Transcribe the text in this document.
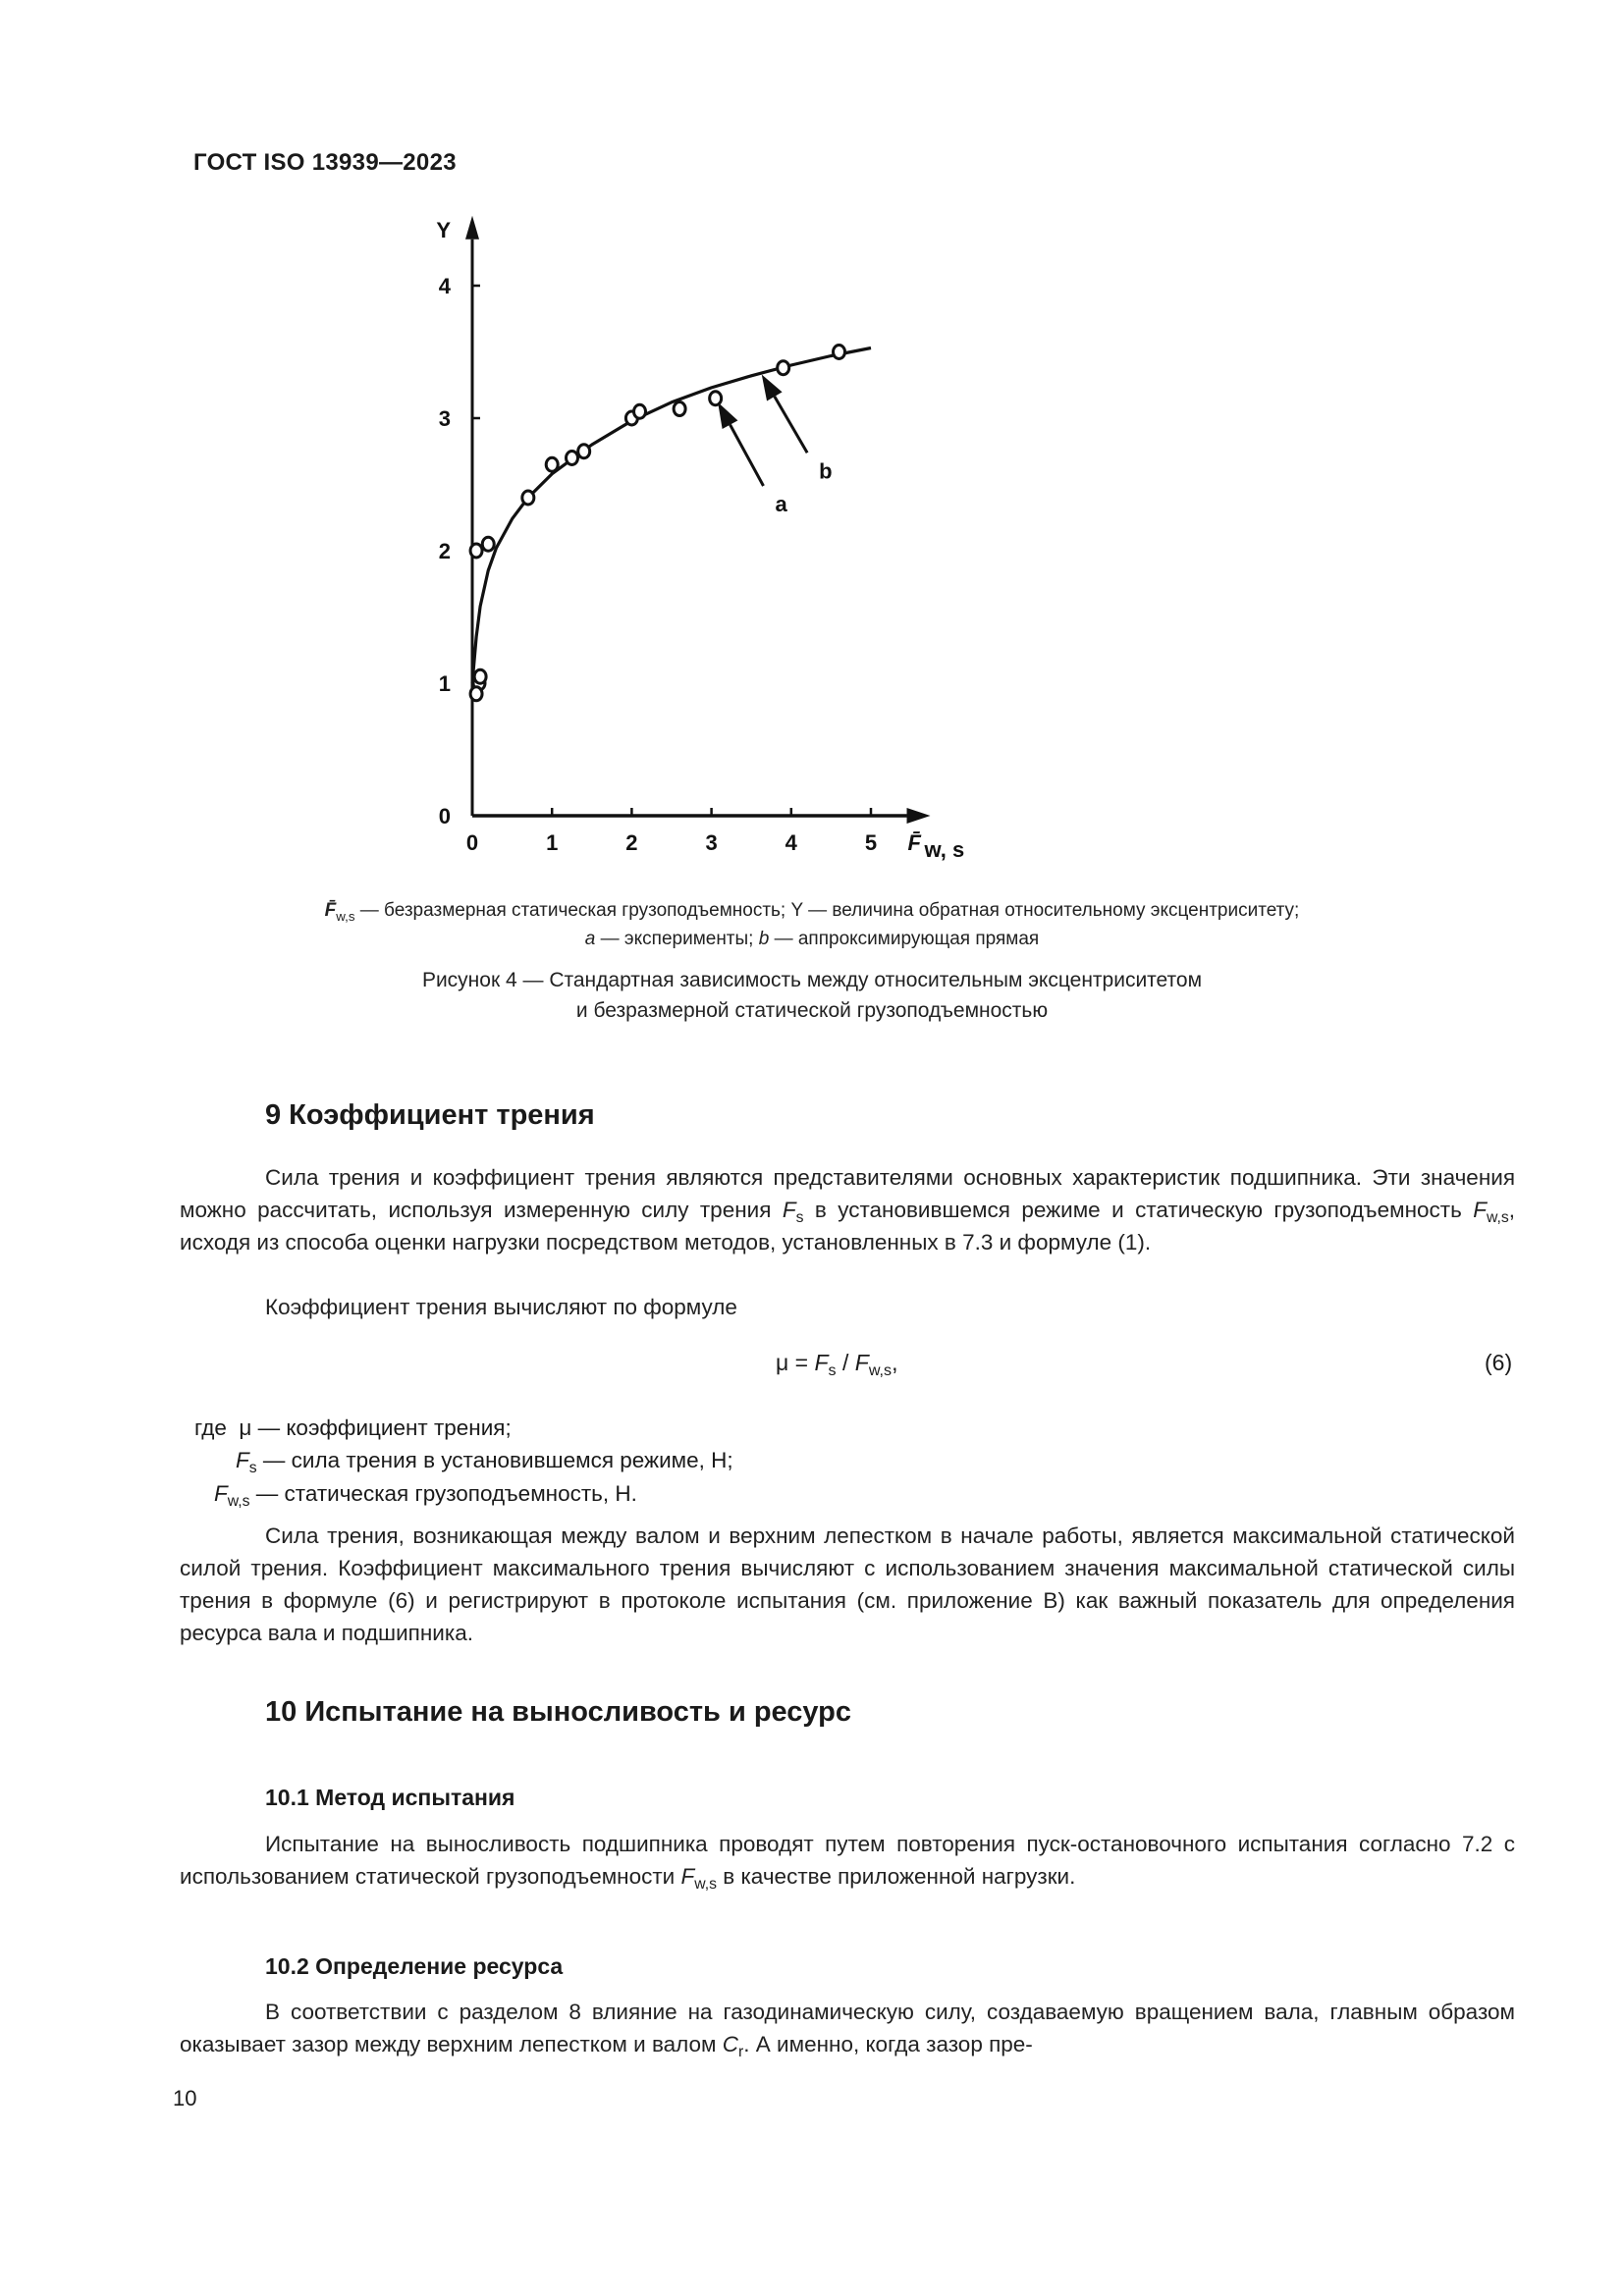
ГОСТ ISO 13939—2023
0	1	2	3	4	5
0
1
2
3
4
Y
F̄ w, s
a
b
$F̄_{w,s}$ — безразмерная статическая грузоподъемность; Y — величина обратная относительному эксцентриситету;
a — эксперименты; b — аппроксимирующая прямая
Рисунок 4 — Стандартная зависимость между относительным эксцентриситетом
и безразмерной статической грузоподъемностью
9 Коэффициент трения
Сила трения и коэффициент трения являются представителями основных характеристик подшипника. Эти значения можно рассчитать, используя измеренную силу трения $F_s$ в установившемся режиме и статическую грузоподъемность $F_{w,s}$, исходя из способа оценки нагрузки посредством методов, установленных в 7.3 и формуле (1).
Коэффициент трения вычисляют по формуле
$\mu = F_s / F_{w,s}$,	(6)
где μ — коэффициент трения;
$F_s$ — сила трения в установившемся режиме, Н;
$F_{w,s}$ — статическая грузоподъемность, Н.
Сила трения, возникающая между валом и верхним лепестком в начале работы, является максимальной статической силой трения. Коэффициент максимального трения вычисляют с использованием значения максимальной статической силы трения в формуле (6) и регистрируют в протоколе испытания (см. приложение В) как важный показатель для определения ресурса вала и подшипника.
10 Испытание на выносливость и ресурс
10.1 Метод испытания
Испытание на выносливость подшипника проводят путем повторения пуск-остановочного испытания согласно 7.2 с использованием статической грузоподъемности $F_{w,s}$ в качестве приложенной нагрузки.
10.2 Определение ресурса
В соответствии с разделом 8 влияние на газодинамическую силу, создаваемую вращением вала, главным образом оказывает зазор между верхним лепестком и валом $C_r$. А именно, когда зазор пре-
10
